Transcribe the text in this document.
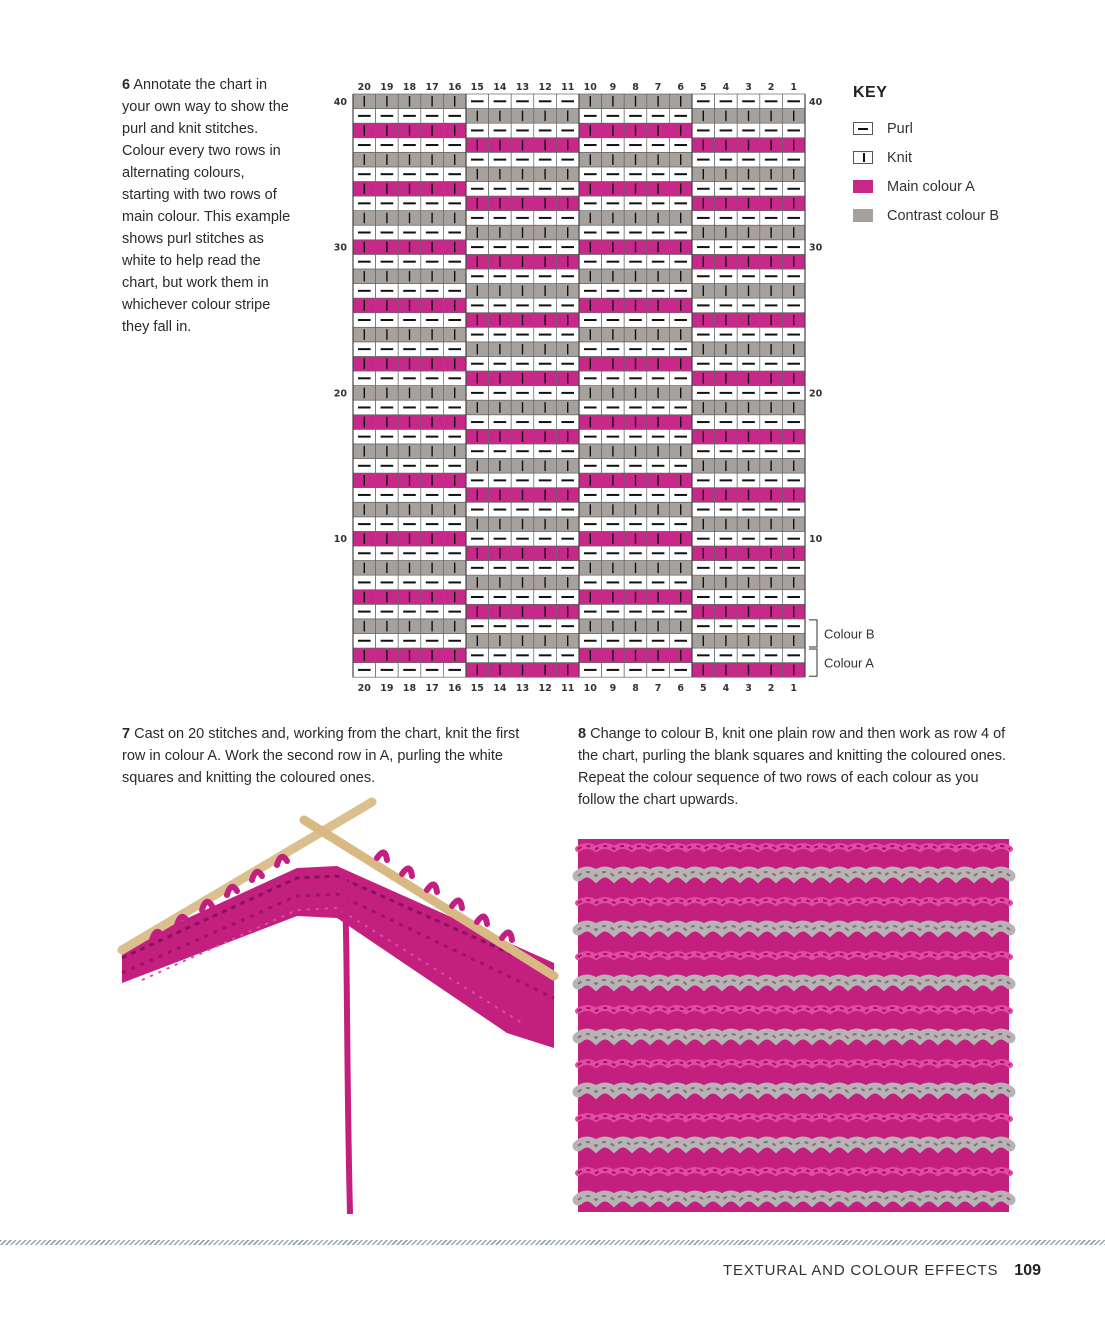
6 Annotate the chart in your own way to show the purl and knit stitches. Colour every two rows in alternating colours, starting with two rows of main colour. This example shows purl stitches as white to help read the chart, but work them in whichever colour stripe they fall in.
20 19 18 17 16 15 14 13 12 11 10 9 8 7 6 5 4 3 2 1
40	40
30	30
20	20
10	10
20 19 18 17 16 15 14 13 12 11 10 9 8 7 6 5 4 3 2 1
Colour B
Colour A
KEY
Purl
Knit
Main colour A
Contrast colour B
7 Cast on 20 stitches and, working from the chart, knit the first row in colour A. Work the second row in A, purling the white squares and knitting the coloured ones.
8 Change to colour B, knit one plain row and then work as row 4 of the chart, purling the blank squares and knitting the coloured ones. Repeat the colour sequence of two rows of each colour as you follow the chart upwards.
TEXTURAL AND COLOUR EFFECTS 109
